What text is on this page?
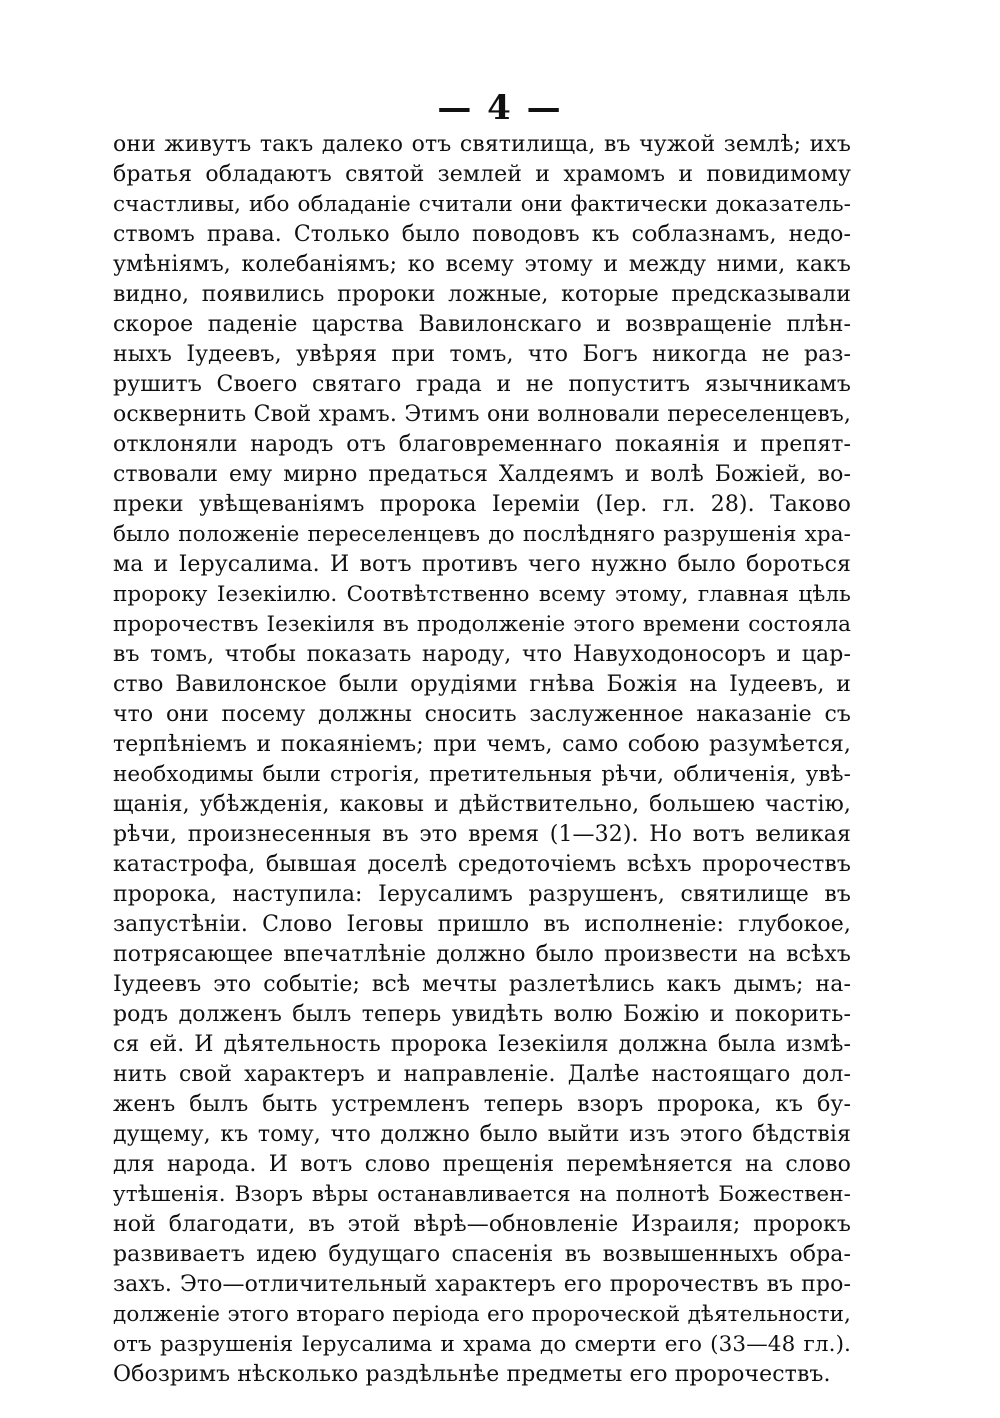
— 4 —
они живутъ такъ далеко отъ святилища, въ чужой землѣ; ихъ
братья обладаютъ святой землей и храмомъ и повидимому
счастливы, ибо обладаніе считали они фактически доказатель-
ствомъ права. Столько было поводовъ къ соблазнамъ, недо-
умѣніямъ, колебаніямъ; ко всему этому и между ними, какъ
видно, появились пророки ложные, которые предсказывали
скорое паденіе царства Вавилонскаго и возвращеніе плѣн-
ныхъ Іудеевъ, увѣряя при томъ, что Богъ никогда не раз-
рушитъ Своего святаго града и не попуститъ язычникамъ
осквернить Свой храмъ. Этимъ они волновали переселенцевъ,
отклоняли народъ отъ благовременнаго покаянія и препят-
ствовали ему мирно предаться Халдеямъ и волѣ Божіей, во-
преки увѣщеваніямъ пророка Іереміи (Іер. гл. 28). Таково
было положеніе переселенцевъ до послѣдняго разрушенія хра-
ма и Іерусалима. И вотъ противъ чего нужно было бороться
пророку Іезекіилю. Соотвѣтственно всему этому, главная цѣль
пророчествъ Іезекіиля въ продолженіе этого времени состояла
въ томъ, чтобы показать народу, что Навуходоносоръ и цар-
ство Вавилонское были орудіями гнѣва Божія на Іудеевъ, и
что они посему должны сносить заслуженное наказаніе съ
терпѣніемъ и покаяніемъ; при чемъ, само собою разумѣется,
необходимы были строгія, претительныя рѣчи, обличенія, увѣ-
щанія, убѣжденія, каковы и дѣйствительно, большею частію,
рѣчи, произнесенныя въ это время (1—32). Но вотъ великая
катастрофа, бывшая доселѣ средоточіемъ всѣхъ пророчествъ
пророка, наступила: Іерусалимъ разрушенъ, святилище въ
запустѣніи. Слово Іеговы пришло въ исполненіе: глубокое,
потрясающее впечатлѣніе должно было произвести на всѣхъ
Іудеевъ это событіе; всѣ мечты разлетѣлись какъ дымъ; на-
родъ долженъ былъ теперь увидѣть волю Божію и покорить-
ся ей. И дѣятельность пророка Іезекіиля должна была измѣ-
нить свой характеръ и направленіе. Далѣе настоящаго дол-
женъ былъ быть устремленъ теперь взоръ пророка, къ бу-
дущему, къ тому, что должно было выйти изъ этого бѣдствія
для народа. И вотъ слово прещенія перемѣняется на слово
утѣшенія. Взоръ вѣры останавливается на полнотѣ Божествен-
ной благодати, въ этой вѣрѣ—обновленіе Израиля; пророкъ
развиваетъ идею будущаго спасенія въ возвышенныхъ обра-
захъ. Это—отличительный характеръ его пророчествъ въ про-
долженіе этого втораго періода его пророческой дѣятельности,
отъ разрушенія Іерусалима и храма до смерти его (33—48 гл.).
Обозримъ нѣсколько раздѣльнѣе предметы его пророчествъ.
